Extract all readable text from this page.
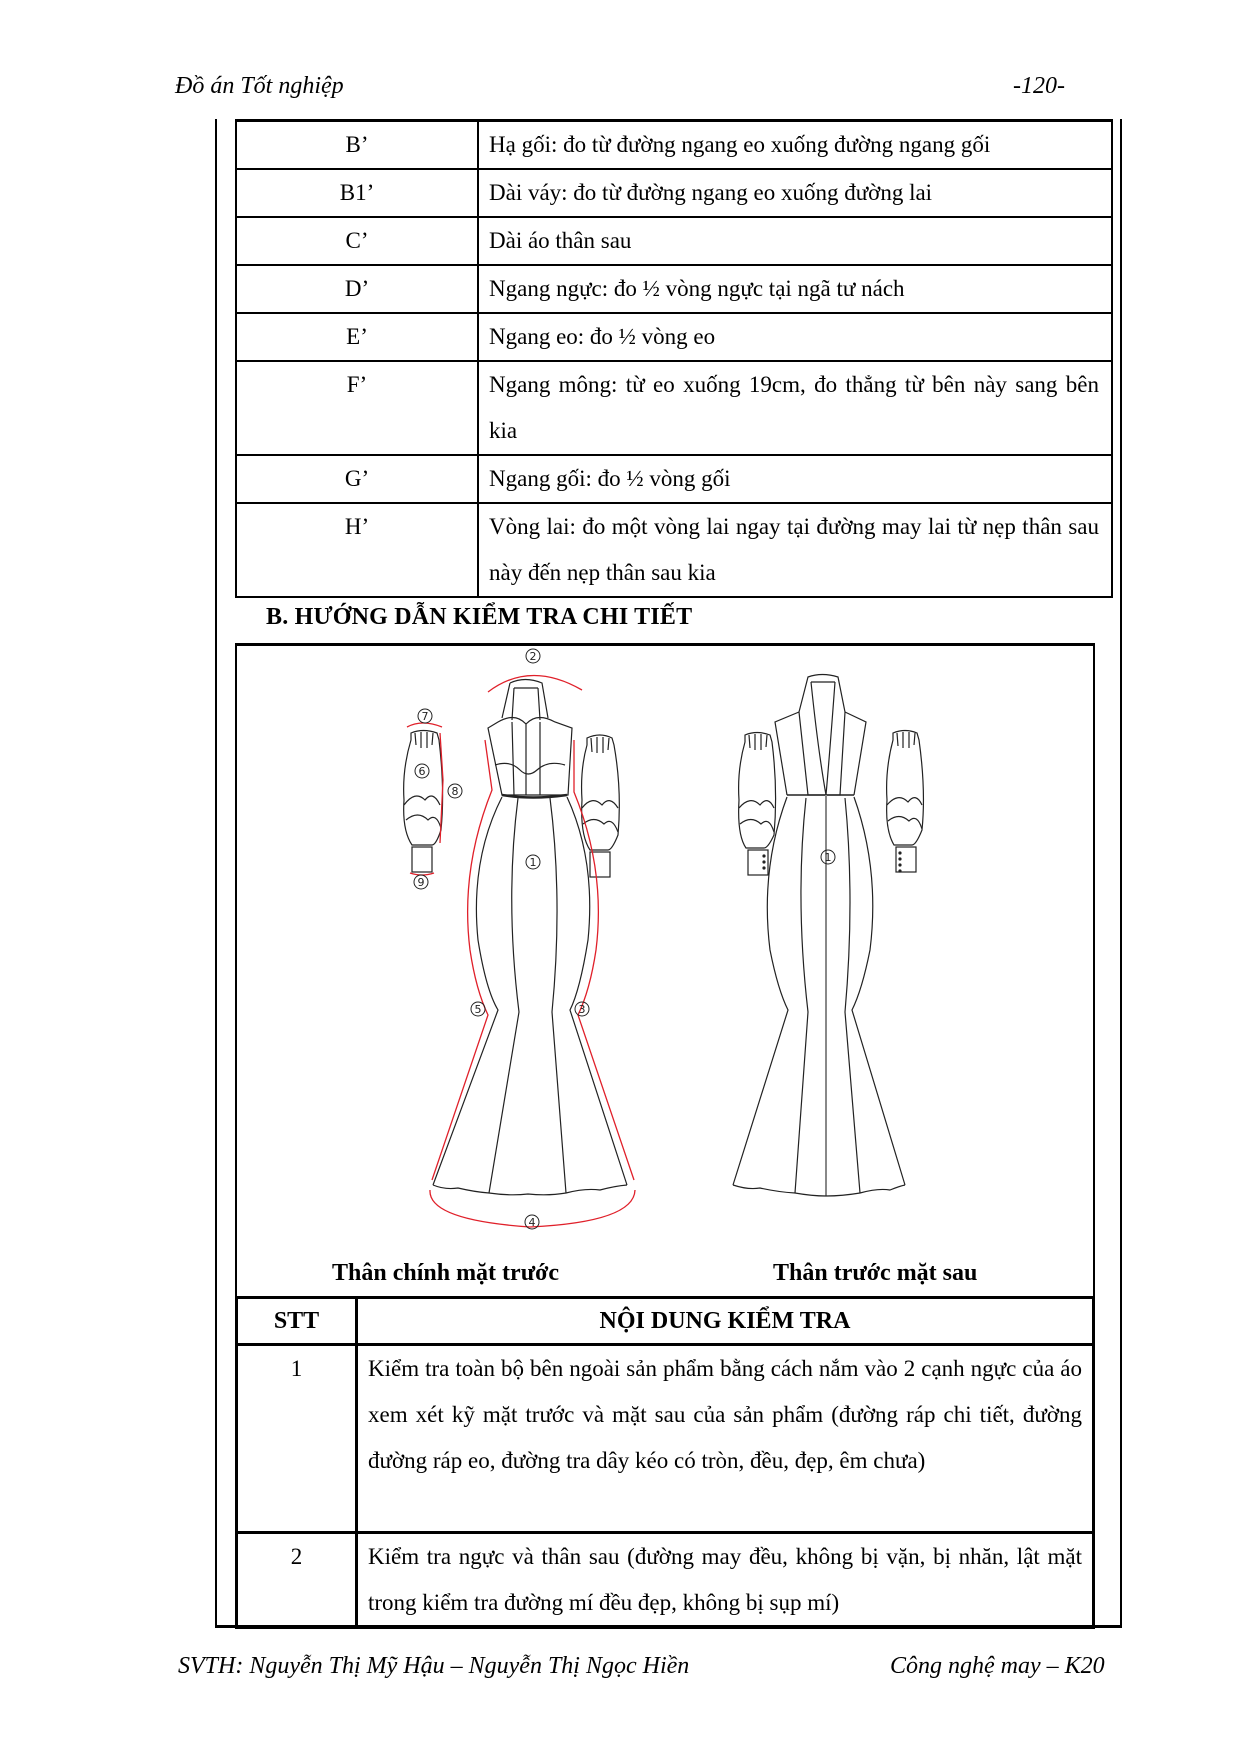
Đồ án Tốt nghiệp	-120-
B’	Hạ gối: đo từ đường ngang eo xuống đường ngang gối
B1’	Dài váy: đo từ đường ngang eo xuống đường lai
C’	Dài áo thân sau
D’	Ngang ngực: đo ½ vòng ngực tại ngã tư nách
E’	Ngang eo: đo ½ vòng eo
F’	Ngang mông: từ eo xuống 19cm, đo thẳng từ bên này sang bên kia
G’	Ngang gối: đo ½ vòng gối
H’	Vòng lai: đo một vòng lai ngay tại đường may lai từ nẹp thân sau này đến nẹp thân sau kia
B. HƯỚNG DẪN KIỂM TRA CHI TIẾT
1
2
3
4
5
6
7
8
9
1
Thân chính mặt trước	Thân trước mặt sau
STT	NỘI DUNG KIỂM TRA
1	Kiểm tra toàn bộ bên ngoài sản phẩm bằng cách nắm vào 2 cạnh ngực của áo xem xét kỹ mặt trước và mặt sau của sản phẩm (đường ráp chi tiết, đường đường ráp eo, đường tra dây kéo có tròn, đều, đẹp, êm chưa)
2	Kiểm tra ngực và thân sau (đường may đều, không bị vặn, bị nhăn, lật mặt trong kiểm tra đường mí đều đẹp, không bị sụp mí)
SVTH: Nguyễn Thị Mỹ Hậu – Nguyễn Thị Ngọc Hiền	Công nghệ may – K20
